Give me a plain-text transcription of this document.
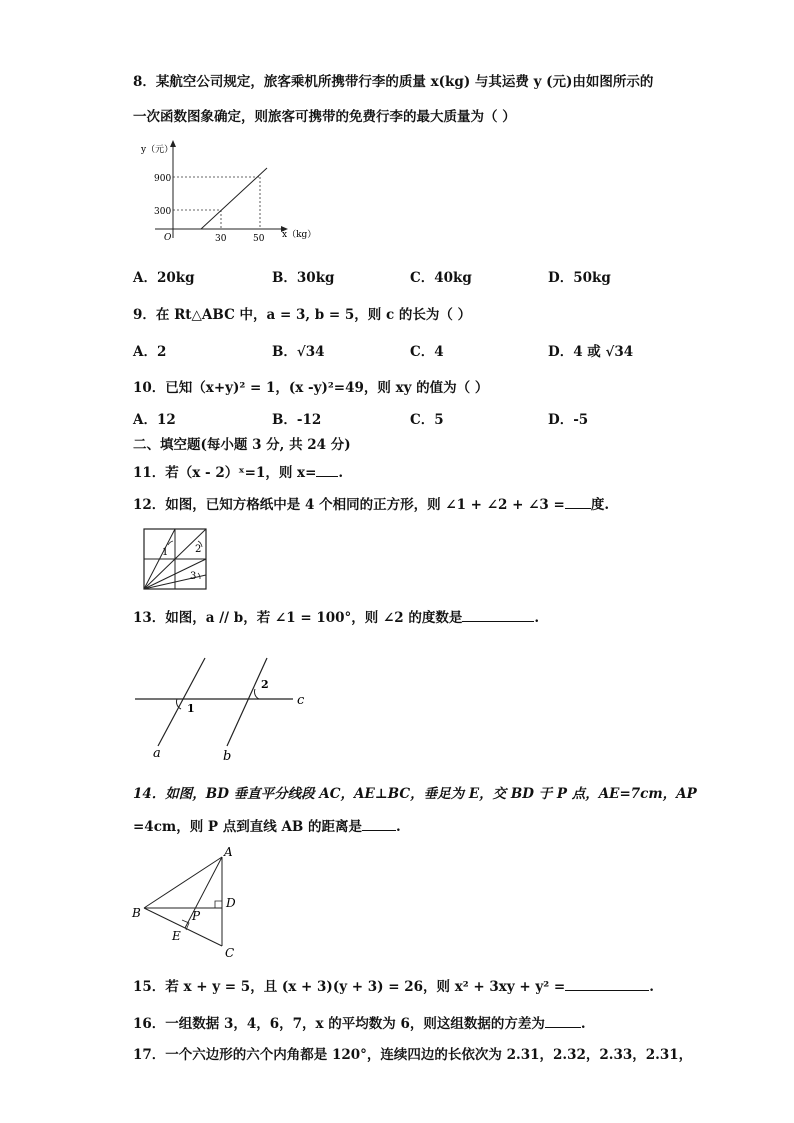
8．某航空公司规定，旅客乘机所携带行李的质量 x(kg) 与其运费 y (元)由如图所示的
一次函数图象确定，则旅客可携带的免费行李的最大质量为（ ）
y（元）
x（kg）
O
900
300
30	50
A．20kg	B．30kg	C．40kg	D．50kg
9．在 Rt△ABC 中，a = 3, b = 5，则 c 的长为（ ）
A．2	B．√34	C．4	D．4 或 √34
10．已知（x+y)² = 1，(x -y)²=49，则 xy 的值为（ ）
A．12	B．-12	C．5	D．-5
二、填空题(每小题 3 分, 共 24 分)
11．若（x - 2）ˣ=1，则 x= .
12．如图，已知方格纸中是 4 个相同的正方形，则 ∠1 + ∠2 + ∠3 = 度.
1	2
3
13．如图，a // b，若 ∠1 = 100°，则 ∠2 的度数是	.
1
2
a	b
c
14．如图，BD 垂直平分线段 AC，AE⊥BC，垂足为 E，交 BD 于 P 点，AE=7cm，AP
=4cm，则 P 点到直线 AB 的距离是	.
A
B
C
D
E
P
15．若 x + y = 5，且 (x + 3)(y + 3) = 26，则 x² + 3xy + y² =	.
16．一组数据 3，4，6，7，x 的平均数为 6，则这组数据的方差为	.
17．一个六边形的六个内角都是 120°，连续四边的长依次为 2.31，2.32，2.33，2.31，
